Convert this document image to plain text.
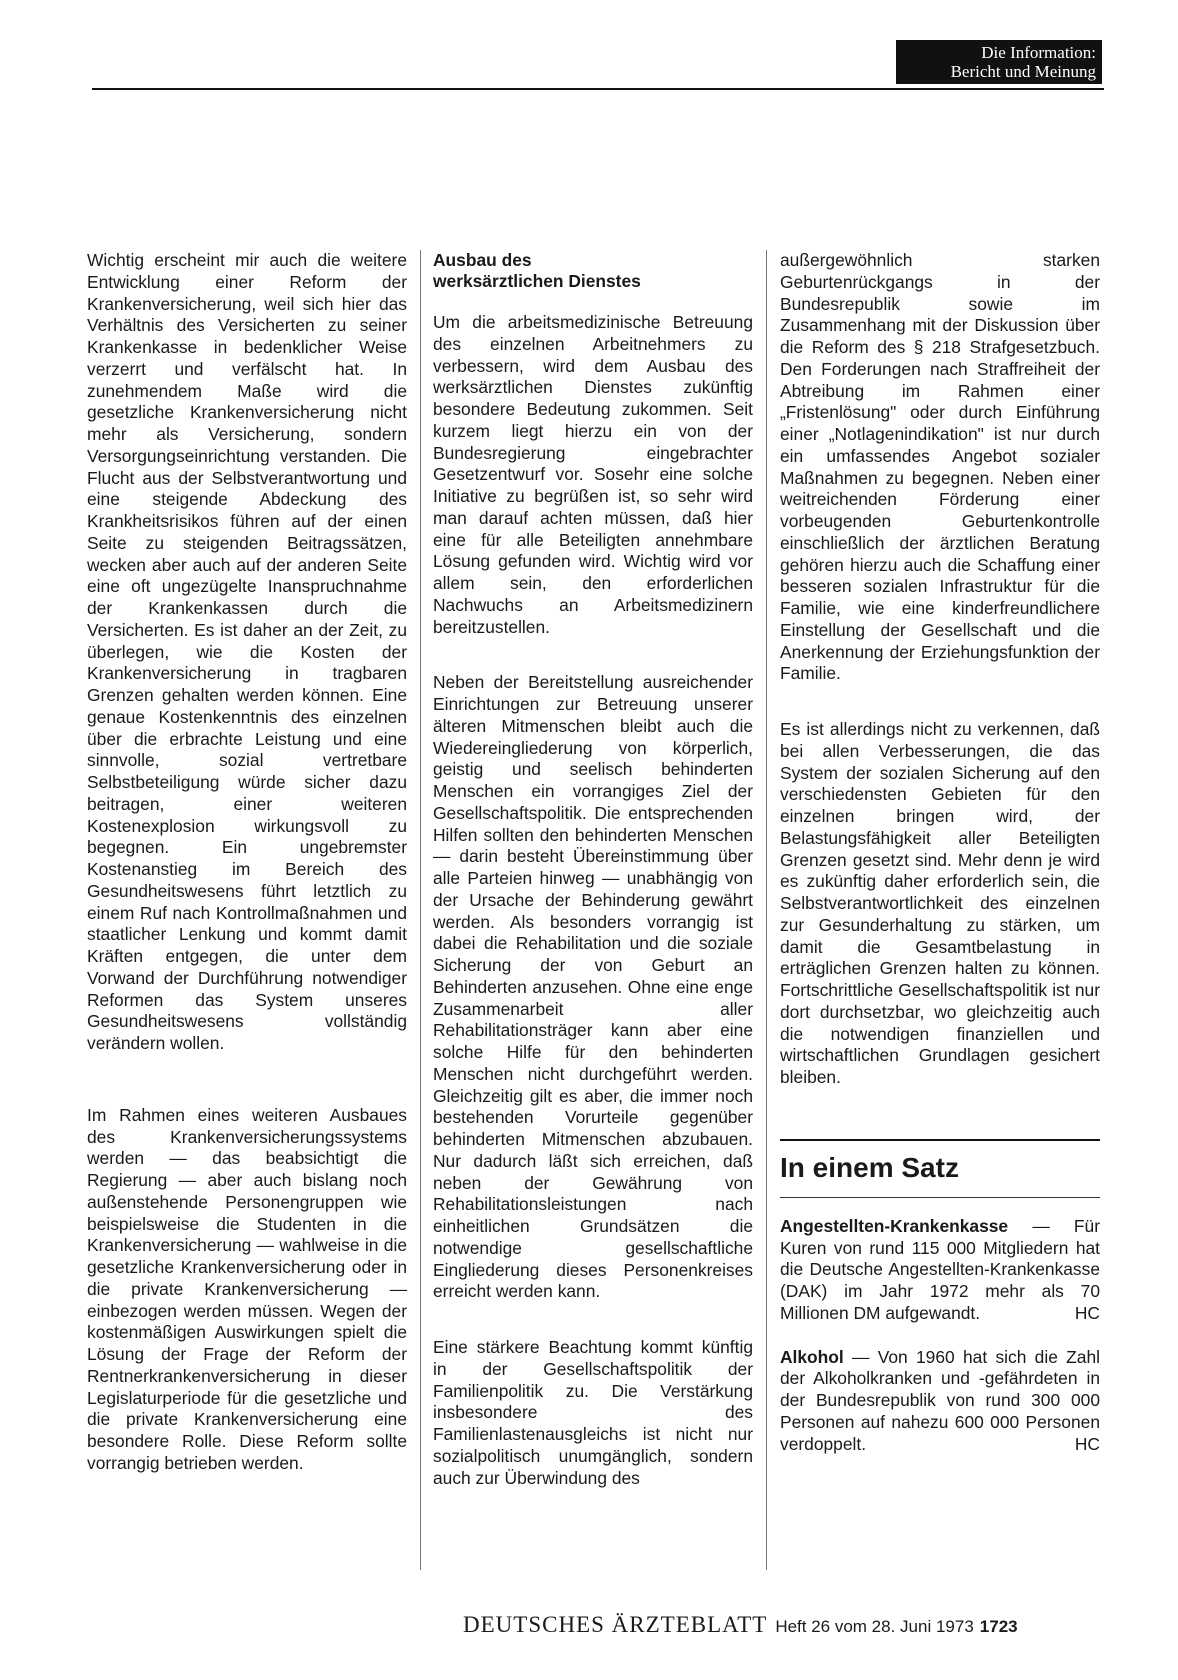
Die Information:
Bericht und Meinung

Wichtig erscheint mir auch die weitere Entwicklung einer Reform der Krankenversicherung, weil sich hier das Verhältnis des Versicherten zu seiner Krankenkasse in bedenklicher Weise verzerrt und verfälscht hat. In zunehmendem Maße wird die gesetzliche Krankenversicherung nicht mehr als Versicherung, sondern Versorgungseinrichtung verstanden. Die Flucht aus der Selbstverantwortung und eine steigende Abdeckung des Krankheitsrisikos führen auf der einen Seite zu steigenden Beitragssätzen, wecken aber auch auf der anderen Seite eine oft ungezügelte Inanspruchnahme der Krankenkassen durch die Versicherten. Es ist daher an der Zeit, zu überlegen, wie die Kosten der Krankenversicherung in tragbaren Grenzen gehalten werden können. Eine genaue Kostenkenntnis des einzelnen über die erbrachte Leistung und eine sinnvolle, sozial vertretbare Selbstbeteiligung würde sicher dazu beitragen, einer weiteren Kostenexplosion wirkungsvoll zu begegnen. Ein ungebremster Kostenanstieg im Bereich des Gesundheitswesens führt letztlich zu einem Ruf nach Kontrollmaßnahmen und staatlicher Lenkung und kommt damit Kräften entgegen, die unter dem Vorwand der Durchführung notwendiger Reformen das System unseres Gesundheitswesens vollständig verändern wollen.

Im Rahmen eines weiteren Ausbaues des Krankenversicherungssystems werden — das beabsichtigt die Regierung — aber auch bislang noch außenstehende Personengruppen wie beispielsweise die Studenten in die Krankenversicherung — wahlweise in die gesetzliche Krankenversicherung oder in die private Krankenversicherung — einbezogen werden müssen. Wegen der kostenmäßigen Auswirkungen spielt die Lösung der Frage der Reform der Rentnerkrankenversicherung in dieser Legislaturperiode für die gesetzliche und die private Krankenversicherung eine besondere Rolle. Diese Reform sollte vorrangig betrieben werden.

Ausbau des
werksärztlichen Dienstes

Um die arbeitsmedizinische Betreuung des einzelnen Arbeitnehmers zu verbessern, wird dem Ausbau des werksärztlichen Dienstes zukünftig besondere Bedeutung zukommen. Seit kurzem liegt hierzu ein von der Bundesregierung eingebrachter Gesetzentwurf vor. Sosehr eine solche Initiative zu begrüßen ist, so sehr wird man darauf achten müssen, daß hier eine für alle Beteiligten annehmbare Lösung gefunden wird. Wichtig wird vor allem sein, den erforderlichen Nachwuchs an Arbeitsmedizinern bereitzustellen.

Neben der Bereitstellung ausreichender Einrichtungen zur Betreuung unserer älteren Mitmenschen bleibt auch die Wiedereingliederung von körperlich, geistig und seelisch behinderten Menschen ein vorrangiges Ziel der Gesellschaftspolitik. Die entsprechenden Hilfen sollten den behinderten Menschen — darin besteht Übereinstimmung über alle Parteien hinweg — unabhängig von der Ursache der Behinderung gewährt werden. Als besonders vorrangig ist dabei die Rehabilitation und die soziale Sicherung der von Geburt an Behinderten anzusehen. Ohne eine enge Zusammenarbeit aller Rehabilitationsträger kann aber eine solche Hilfe für den behinderten Menschen nicht durchgeführt werden. Gleichzeitig gilt es aber, die immer noch bestehenden Vorurteile gegenüber behinderten Mitmenschen abzubauen. Nur dadurch läßt sich erreichen, daß neben der Gewährung von Rehabilitationsleistungen nach einheitlichen Grundsätzen die notwendige gesellschaftliche Eingliederung dieses Personenkreises erreicht werden kann.

Eine stärkere Beachtung kommt künftig in der Gesellschaftspolitik der Familienpolitik zu. Die Verstärkung insbesondere des Familienlastenausgleichs ist nicht nur sozialpolitisch unumgänglich, sondern auch zur Überwindung des

außergewöhnlich starken Geburtenrückgangs in der Bundesrepublik sowie im Zusammenhang mit der Diskussion über die Reform des § 218 Strafgesetzbuch. Den Forderungen nach Straffreiheit der Abtreibung im Rahmen einer „Fristenlösung" oder durch Einführung einer „Notlagenindikation" ist nur durch ein umfassendes Angebot sozialer Maßnahmen zu begegnen. Neben einer weitreichenden Förderung einer vorbeugenden Geburtenkontrolle einschließlich der ärztlichen Beratung gehören hierzu auch die Schaffung einer besseren sozialen Infrastruktur für die Familie, wie eine kinderfreundlichere Einstellung der Gesellschaft und die Anerkennung der Erziehungsfunktion der Familie.

Es ist allerdings nicht zu verkennen, daß bei allen Verbesserungen, die das System der sozialen Sicherung auf den verschiedensten Gebieten für den einzelnen bringen wird, der Belastungsfähigkeit aller Beteiligten Grenzen gesetzt sind. Mehr denn je wird es zukünftig daher erforderlich sein, die Selbstverantwortlichkeit des einzelnen zur Gesunderhaltung zu stärken, um damit die Gesamtbelastung in erträglichen Grenzen halten zu können. Fortschrittliche Gesellschaftspolitik ist nur dort durchsetzbar, wo gleichzeitig auch die notwendigen finanziellen und wirtschaftlichen Grundlagen gesichert bleiben.

In einem Satz

Angestellten-Krankenkasse — Für Kuren von rund 115 000 Mitgliedern hat die Deutsche Angestellten-Krankenkasse (DAK) im Jahr 1972 mehr als 70 Millionen DM aufgewandt.	HC

Alkohol — Von 1960 hat sich die Zahl der Alkoholkranken und -gefährdeten in der Bundesrepublik von rund 300 000 Personen auf nahezu 600 000 Personen verdoppelt.	HC

DEUTSCHES ÄRZTEBLATT Heft 26 vom 28. Juni 1973 1723
